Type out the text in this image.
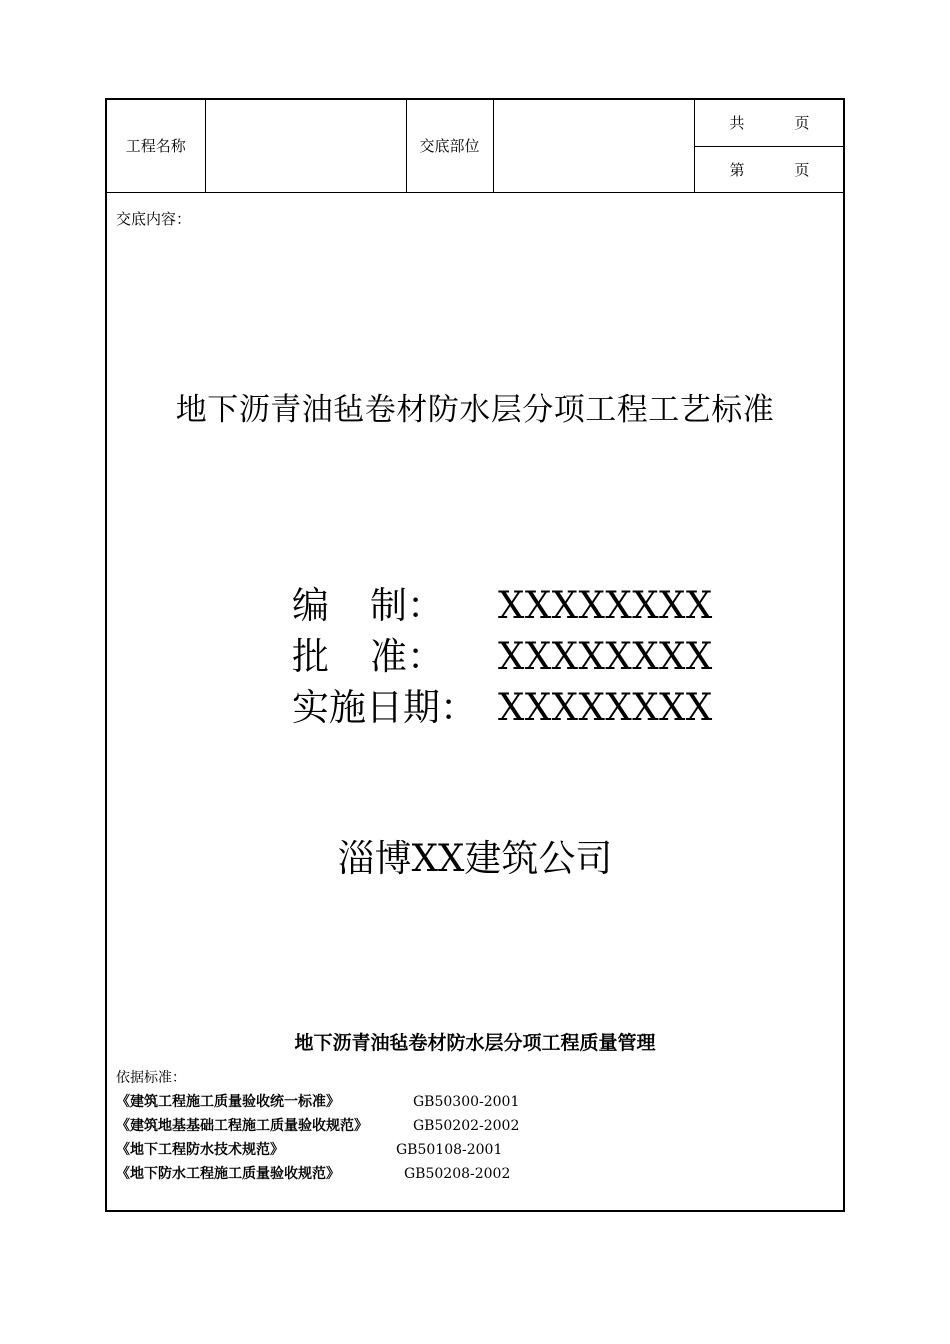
工程名称		交底部位		共	页
第	页
交底内容：
地下沥青油毡卷材防水层分项工程工艺标准
编 制： XXXXXXXX
批 准： XXXXXXXX
实施日期： XXXXXXXX
淄博XX建筑公司
地下沥青油毡卷材防水层分项工程质量管理
依据标准：
《建筑工程施工质量验收统一标准》	GB50300-2001
《建筑地基基础工程施工质量验收规范》	GB50202-2002
《地下工程防水技术规范》	GB50108-2001
《地下防水工程施工质量验收规范》	GB50208-2002
